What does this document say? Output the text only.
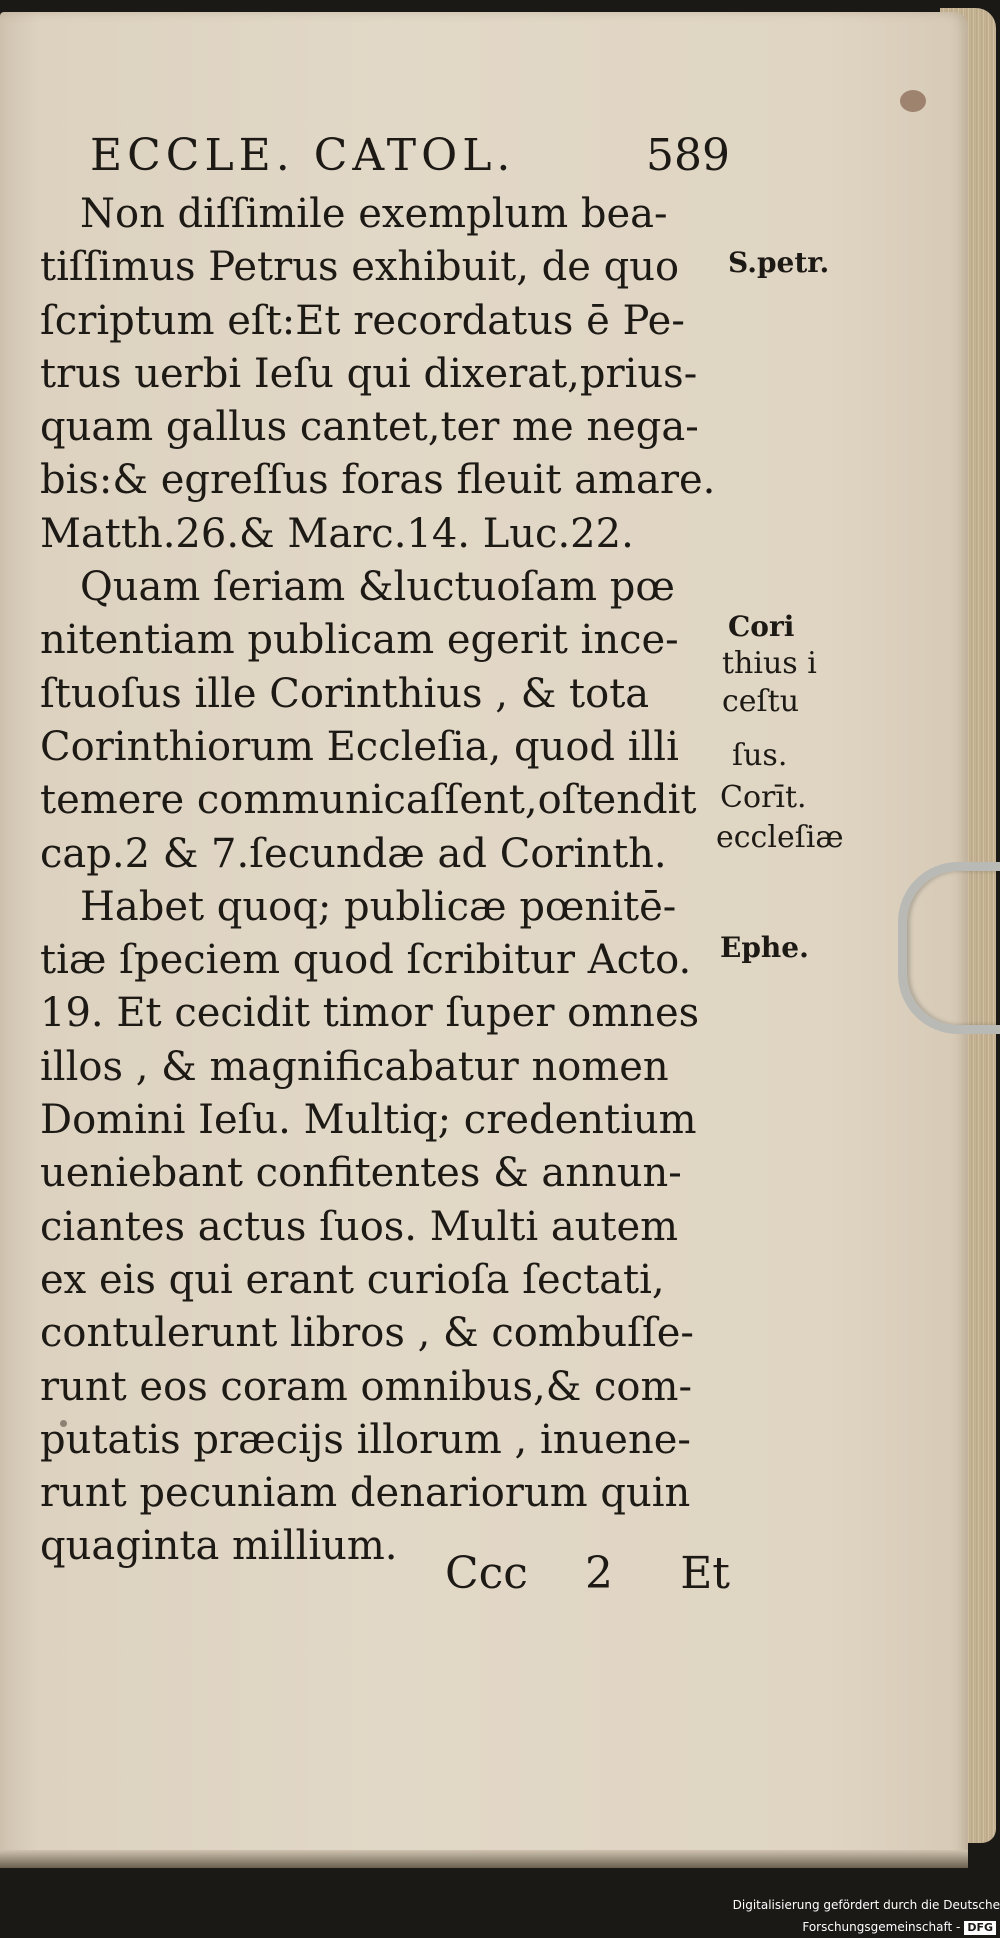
ECCLE. CATOL.	589
Non diſſimile exemplum bea-
tiſſimus Petrus exhibuit, de quo
ſcriptum eſt:Et recordatus ē Pe-
trus uerbi Ieſu qui dixerat,prius-
quam gallus cantet,ter me nega-
bis:& egreſſus foras fleuit amare.
Matth.26.& Marc.14. Luc.22.
Quam ſeriam &luctuoſam pœ
nitentiam publicam egerit ince-
ſtuoſus ille Corinthius , & tota
Corinthiorum Eccleſia, quod illi
temere communicaſſent,oſtendit
cap.2 & 7.ſecundæ ad Corinth.
Habet quoq; publicæ pœnitē-
tiæ ſpeciem quod ſcribitur Acto.
19. Et cecidit timor ſuper omnes
illos , & magnificabatur nomen
Domini Ieſu. Multiq; credentium
ueniebant confitentes & annun-
ciantes actus ſuos. Multi autem
ex eis qui erant curioſa ſectati,
contulerunt libros , & combuſſe-
runt eos coram omnibus,& com-
putatis præcijs illorum , inuene-
runt pecuniam denariorum quin
quaginta millium.
S.petr.
Cori
thius i
ceſtu
ſus.
Corīt.
eccleſiæ
Ephe.
Ccc 2 Et
Digitalisierung gefördert durch die Deutsche Forschungsgemeinschaft - DFG
